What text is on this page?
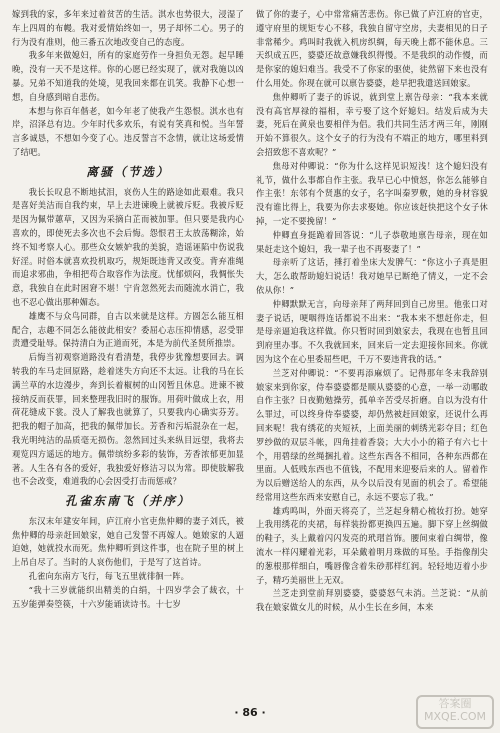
嫁到我的家，多年来过着贫苦的生活。淇水也势很大，浸湿了车上四周的布幔。我对爱情始终如一，男子却怀二心。男子的行为没有准则，他三番五次地改变自己的态度。

我多年来做媳妇，所有的家庭劳作一身担负无怨。起早睡晚，没有一天不是这样。你的心愿已经实现了，就对我施以凶暴。兄弟不知道我的处境，见我回来都在讥笑。我静下心想一想，自身感到暗自悲伤。

本想与你百年偕老，如今年老了使我产生怨恨。淇水也有岸，沼泽总有边。少年时代多欢乐，有说有笑真和悦。当年誓言多诚恳，不想如今变了心。违反誓言不念情，就让这场爱情了结吧。

离骚（节选）

我长长叹息不断地拭泪，哀伤人生的路途如此艰难。我只是喜好美洁而自我约束，早上去进谏晚上就被斥贬。我被斥贬是因为佩带蕙草，又因为采摘白芷而被加罪。但只要是我内心喜欢的，即使死去多次也不会后悔。怨恨君王太放荡糊涂，始终不知考察人心。那些众女嫉妒我的美貌，造谣诬陷中伤说我好淫。时俗本就喜欢投机取巧，规矩既违背又改变。背弃准绳而追求邪曲，争相把苟合取容作为法度。忧郁烦闷，我惆怅失意，我独自在此时困窘不堪！宁肯忽然死去而随流水消亡，我也不忍心做出那种媚态。

雄鹰不与众鸟同群，自古以来就是这样。方圆怎么能互相配合，志趣不同怎么能彼此相安？委屈心志压抑情感，忍受罪责遭受耻辱。保持清白为正道而死，本是为前代圣贤所推崇。

后悔当初观察道路没有看清楚，我停步犹豫想要回去。调转我的车马走回原路，趁着迷失方向还不太远。让我的马在长满兰草的水边漫步，奔到长着椒树的山冈暂且休息。进谏不被接纳反而获罪，回来整理我旧时的服饰。用荷叶做成上衣，用荷花缝成下裳。没人了解我也就算了，只要我内心确实芬芳。把我的帽子加高，把我的佩带加长。芳香和污垢混杂在一起，我光明纯洁的品质毫无损伤。忽然回过头来纵目远望，我将去观览四方遥远的地方。佩带缤纷多彩的装饰，芳香浓郁更加显著。人生各有各的爱好，我独爱好修洁习以为常。即使肢解我也不会改变，难道我的心会因受打击而惩戒？

孔雀东南飞（并序）

东汉末年建安年间，庐江府小官吏焦仲卿的妻子刘氏，被焦仲卿的母亲赶回娘家，她自己发誓不再嫁人。她娘家的人逼迫她，她就投水而死。焦仲卿听到这件事，也在院子里的树上上吊自尽了。当时的人哀伤他们，于是写了这首诗。

孔雀向东南方飞行，每飞五里就徘徊一阵。

“我十三岁就能织出精美的白绢，十四岁学会了裁衣，十五岁能弹奏箜篌，十六岁能诵读诗书。十七岁

做了你的妻子，心中常常痛苦悲伤。你已做了庐江府的官吏，遵守府里的规矩专心不移，我独自留守空房，夫妻相见的日子非常稀少。鸡叫时我就入机房织绸，每天晚上都不能休息。三天织成五匹，婆婆还故意嫌我织得慢。不是我织的动作慢，而是你家的媳妇难当。我受不了你家的驱使，徒然留下来也没有什么用处。你现在就可以禀告婆婆，趁早把我遣送回娘家。

焦仲卿听了妻子的诉说，就到堂上禀告母亲：“我本来就没有高官厚禄的福相，幸亏娶了这个好媳妇。结发后成为夫妻，死后在黄泉也要相伴为侣。我们共同生活才两三年，刚刚开始不算很久。这个女子的行为没有不端正的地方，哪里料到会招致您不喜欢呢？”

焦母对仲卿说：“你为什么这样见识短浅！这个媳妇没有礼节，做什么事都自作主张。我早已心中愤怒，你怎么能够自作主张！东邻有个贤惠的女子，名字叫秦罗敷，她的身材容貌没有谁比得上，我要为你去求娶她。你应该赶快把这个女子休掉，一定不要挽留！”

仲卿直身挺跪着回答说：“儿子恭敬地禀告母亲，现在如果赶走这个媳妇，我一辈子也不再娶妻了！”

母亲听了这话，捶打着坐床大发脾气：“你这小子真是胆大，怎么敢帮助媳妇说话！我对她早已断绝了情义，一定不会依从你！”

仲卿默默无言，向母亲拜了两拜回到自己房里。他张口对妻子说话，哽咽得连话都说不出来：“我本来不想赶你走，但是母亲逼迫我这样做。你只暂时回到娘家去，我现在也暂且回到府里办事。不久我就回来，回来后一定去迎接你回来。你就因为这个在心里委屈些吧，千万不要违背我的话。”

兰芝对仲卿说：“不要再添麻烦了。记得那年冬末我辞别娘家来到你家，侍奉婆婆都是顺从婆婆的心意，一举一动哪敢自作主张？日夜勤勉操劳，孤单辛苦受尽折磨。自以为没有什么罪过，可以终身侍奉婆婆，却仍然被赶回娘家，还说什么再回来呢！我有绣花的夹短袄，上面美丽的刺绣光彩夺目；红色罗纱做的双层斗帐，四角挂着香袋；大大小小的箱子有六七十个，用碧绿的丝绳捆扎着。这些东西各不相同，各种东西都在里面。人低贱东西也不值钱，不配用来迎娶后来的人。留着作为以后赠送给人的东西，从今以后没有见面的机会了。希望能经常用这些东西来安慰自己，永远不要忘了我。”

雄鸡鸣叫，外面天将亮了，兰芝起身精心梳妆打扮。她穿上我用绣花的夹裙，每样装扮都更换四五遍。脚下穿上丝绸做的鞋子，头上戴着闪闪发亮的玳瑁首饰。腰间束着白绸带，像流水一样闪耀着光彩，耳朵戴着明月珠做的耳坠。手指像削尖的葱根那样细白，嘴唇像含着朱砂那样红润。轻轻地迈着小步子，精巧美丽世上无双。

兰芝走到堂前拜别婆婆，婆婆怒气未消。兰芝说：“从前我在娘家做女儿的时候，从小生长在乡间，本来

· 86 ·
答案圈
MXQE.COM
